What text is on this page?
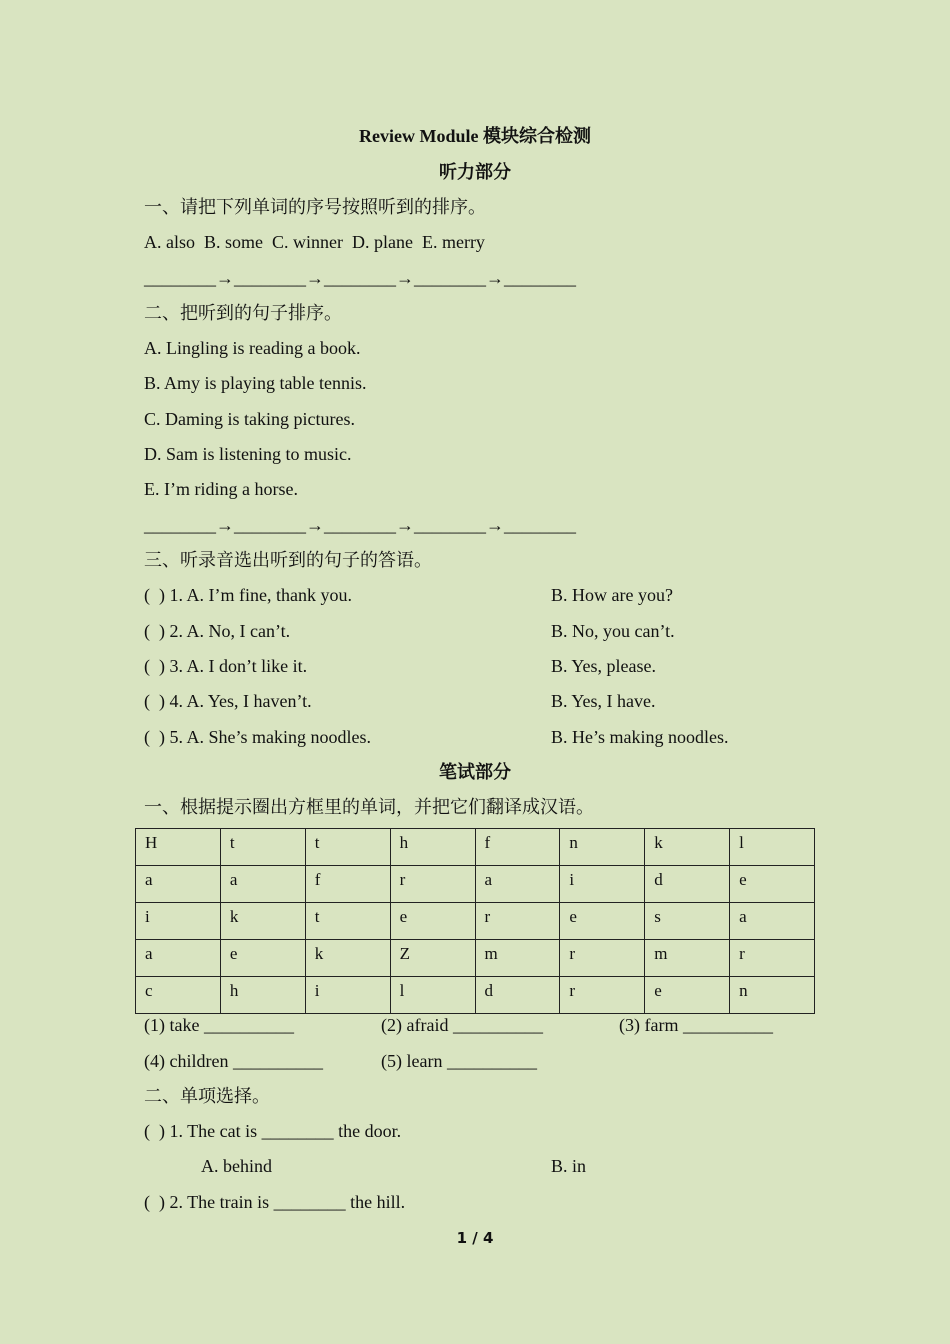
Review Module 模块综合检测
听力部分
一、请把下列单词的序号按照听到的排序。
A. also  B. some  C. winner  D. plane  E. merry
________→________→________→________→________
二、把听到的句子排序。
A. Lingling is reading a book.
B. Amy is playing table tennis.
C. Daming is taking pictures.
D. Sam is listening to music.
E. I’m riding a horse.
________→________→________→________→________
三、听录音选出听到的句子的答语。
(  ) 1. A. I’m fine, thank you.	B. How are you?
(  ) 2. A. No, I can’t.	B. No, you can’t.
(  ) 3. A. I don’t like it.	B. Yes, please.
(  ) 4. A. Yes, I haven’t.	B. Yes, I have.
(  ) 5. A. She’s making noodles.	B. He’s making noodles.
笔试部分
一、根据提示圈出方框里的单词，并把它们翻译成汉语。
H	t	t	h	f	n	k	l
a	a	f	r	a	i	d	e
i	k	t	e	r	e	s	a
a	e	k	Z	m	r	m	r
c	h	i	l	d	r	e	n
(1) take __________	(2) afraid __________	(3) farm __________
(4) children __________	(5) learn __________
二、单项选择。
(  ) 1. The cat is ________ the door.
A. behind	B. in
(  ) 2. The train is ________ the hill.
1 / 4
